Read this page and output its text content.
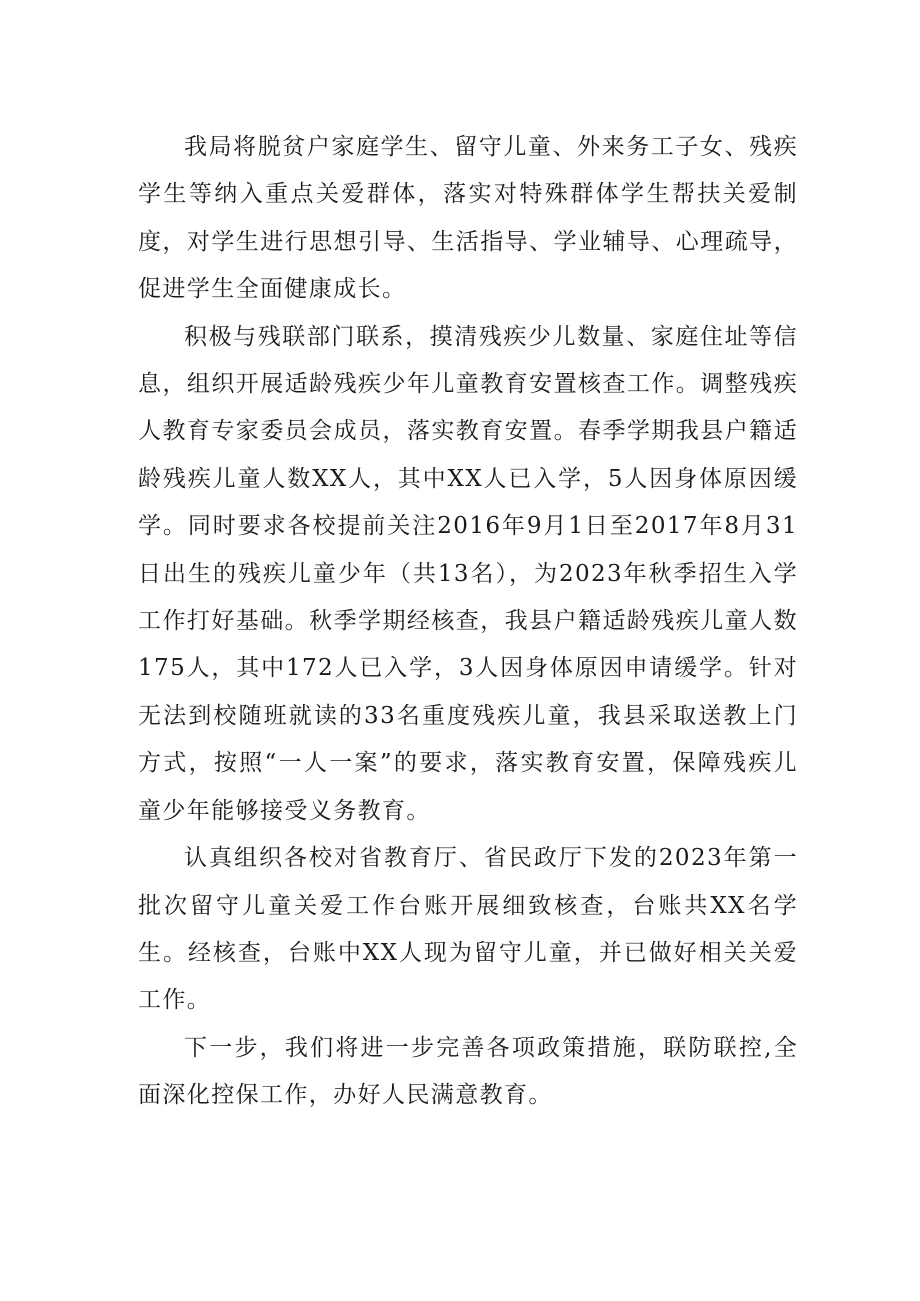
我局将脱贫户家庭学生、留守儿童、外来务工子女、残疾学生等纳入重点关爱群体，落实对特殊群体学生帮扶关爱制度，对学生进行思想引导、生活指导、学业辅导、心理疏导，促进学生全面健康成长。

积极与残联部门联系，摸清残疾少儿数量、家庭住址等信息，组织开展适龄残疾少年儿童教育安置核查工作。调整残疾人教育专家委员会成员，落实教育安置。春季学期我县户籍适龄残疾儿童人数XX人，其中XX人已入学，5人因身体原因缓学。同时要求各校提前关注2016年9月1日至2017年8月31日出生的残疾儿童少年（共13名），为2023年秋季招生入学工作打好基础。秋季学期经核查，我县户籍适龄残疾儿童人数175人，其中172人已入学，3人因身体原因申请缓学。针对无法到校随班就读的33名重度残疾儿童，我县采取送教上门方式，按照“一人一案”的要求，落实教育安置，保障残疾儿童少年能够接受义务教育。

认真组织各校对省教育厅、省民政厅下发的2023年第一批次留守儿童关爱工作台账开展细致核查，台账共XX名学生。经核查，台账中XX人现为留守儿童，并已做好相关关爱工作。

下一步，我们将进一步完善各项政策措施，联防联控,全面深化控保工作，办好人民满意教育。
